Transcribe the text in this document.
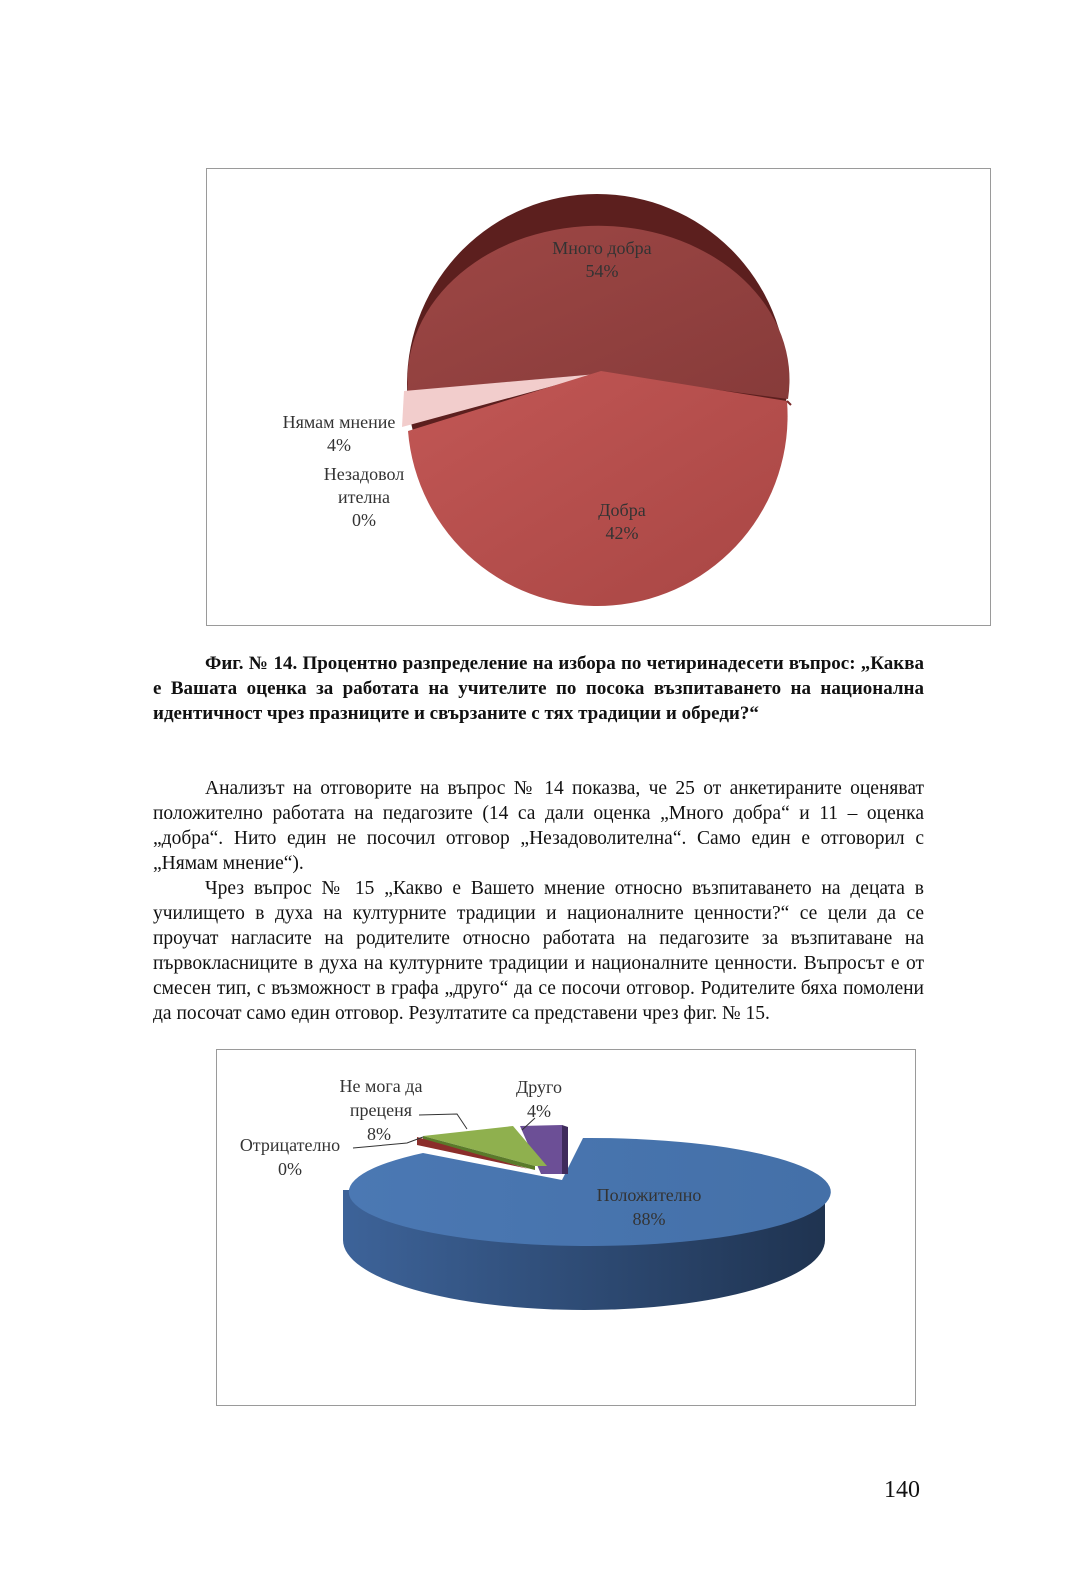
Много добра
54%
Нямам мнение
4%
Незадовол
ителна
0%	Добра
42%
Фиг. № 14. Процентно разпределение на избора по четиринадесети въпрос: „Каква е Вашата оценка за работата на учителите по посока възпитаването на национална идентичност чрез празниците и свързаните с тях традиции и обреди?“

Анализът на отговорите на въпрос № 14 показва, че 25 от анкетираните оценяват положително работата на педагозите (14 са дали оценка „Много добра“ и 11 – оценка „добра“. Нито един не посочил отговор „Незадоволителна“. Само един е отговорил с „Нямам мнение“).

Чрез въпрос № 15 „Какво е Вашето мнение относно възпитаването на децата в училището в духа на културните традиции и националните ценности?“ се цели да се проучат нагласите на родителите относно работата на педагозите за възпитаване на първокласниците в духа на културните традиции и националните ценности. Въпросът е от смесен тип, с възможност в графа „друго“ да се посочи отговор. Родителите бяха помолени да посочат само един отговор. Резултатите са представени чрез фиг. № 15.

Не мога да
преценя
8%
Друго
4%
Отрицателно
0%
Положително
88%
140
